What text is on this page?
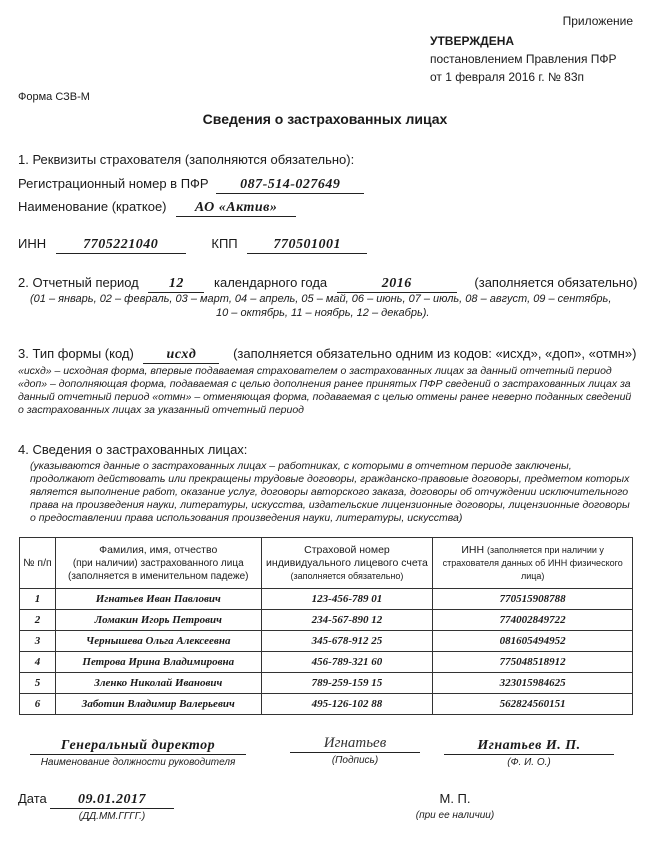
Приложение
УТВЕРЖДЕНА
постановлением Правления ПФР
от 1 февраля 2016 г. № 83п
Форма СЗВ-М
Сведения о застрахованных лицах
1. Реквизиты страхователя (заполняются обязательно):
Регистрационный номер в ПФР 087-514-027649
Наименование (краткое) АО «Актив»
ИНН	7705221040	КПП	770501001
2. Отчетный период 12 календарного года	2016	(заполняется обязательно)
(01 – январь, 02 – февраль, 03 – март, 04 – апрель, 05 – май, 06 – июнь, 07 – июль, 08 – август, 09 – сентябрь,
10 – октябрь, 11 – ноябрь, 12 – декабрь).
3. Тип формы (код) исхд	(заполняется обязательно одним из кодов: «исхд», «доп», «отмн»)
«исхд» – исходная форма, впервые подаваемая страхователем о застрахованных лицах за данный отчетный период «доп» – дополняющая форма, подаваемая с целью дополнения ранее принятых ПФР сведений о застрахованных лицах за данный отчетный период «отмн» – отменяющая форма, подаваемая с целью отмены ранее неверно поданных сведений о застрахованных лицах за указанный отчетный период
4. Сведения о застрахованных лицах:
(указываются данные о застрахованных лицах – работниках, с которыми в отчетном периоде заключены, продолжают действовать или прекращены трудовые договоры, гражданско-правовые договоры, предметом которых является выполнение работ, оказание услуг, договоры авторского заказа, договоры об отчуждении исключительного права на произведения науки, литературы, искусства, издательские лицензионные договоры, лицензионные договоры о предоставлении права использования произведения науки, литературы, искусства)
№ п/п	Фамилия, имя, отчество
(при наличии) застрахованного лица (заполняется в именительном падеже)	Страховой номер индивидуального лицевого счета (заполняется обязательно)	ИНН (заполняется при наличии у страхователя данных об ИНН физического лица)
1	Игнатьев Иван Павлович	123-456-789 01	770515908788
2	Ломакин Игорь Петрович	234-567-890 12	774002849722
3	Чернышева Ольга Алексеевна	345-678-912 25	081605494952
4	Петрова Ирина Владимировна	456-789-321 60	775048518912
5	Зленко Николай Иванович	789-259-159 15	323015984625
6	Заботин Владимир Валерьевич	495-126-102 88	562824560151
Генеральный директор
Наименование должности руководителя
Игнатьев
(Подпись)
Игнатьев И. П.
(Ф. И. О.)
Дата	09.01.2017
(ДД.ММ.ГГГГ.)
М. П.
(при ее наличии)
